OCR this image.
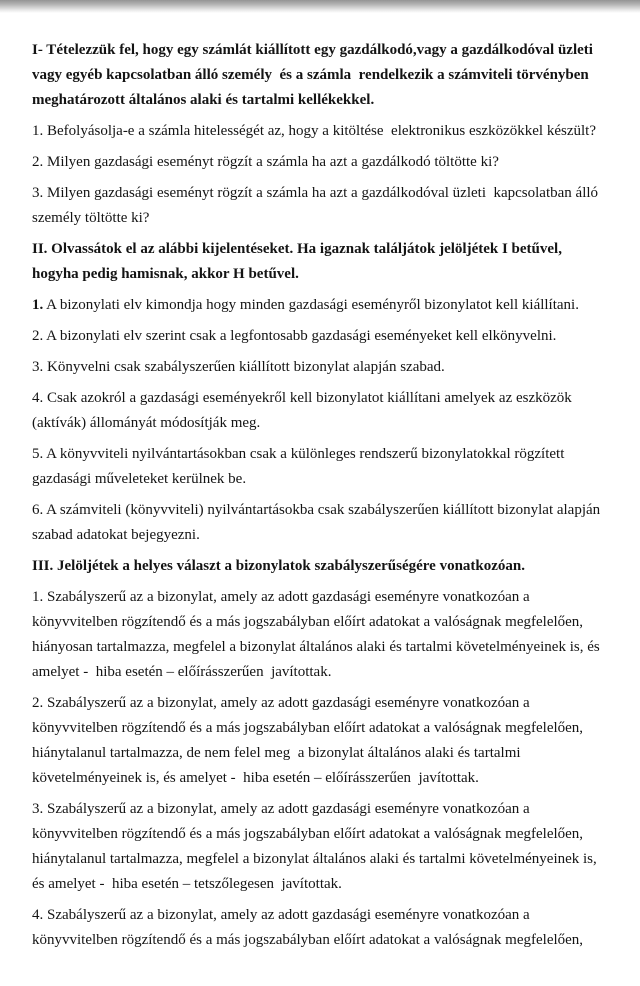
I- Tételezzük fel, hogy egy számlát kiállított egy gazdálkodó,vagy a gazdálkodóval üzleti vagy egyéb kapcsolatban álló személy  és a számla  rendelkezik a számviteli törvényben meghatározott általános alaki és tartalmi kellékekkel.

1. Befolyásolja-e a számla hitelességét az, hogy a kitöltése  elektronikus eszközökkel készült?

2. Milyen gazdasági eseményt rögzít a számla ha azt a gazdálkodó töltötte ki?

3. Milyen gazdasági eseményt rögzít a számla ha azt a gazdálkodóval üzleti  kapcsolatban álló személy töltötte ki?

II. Olvassátok el az alábbi kijelentéseket. Ha igaznak találjátok jelöljétek I betűvel, hogyha pedig hamisnak, akkor H betűvel.

1. A bizonylati elv kimondja hogy minden gazdasági eseményről bizonylatot kell kiállítani.

2. A bizonylati elv szerint csak a legfontosabb gazdasági eseményeket kell elkönyvelni.

3. Könyvelni csak szabályszerűen kiállított bizonylat alapján szabad.

4. Csak azokról a gazdasági eseményekről kell bizonylatot kiállítani amelyek az eszközök (aktívák) állományát módosítják meg.

5. A könyvviteli nyilvántartásokban csak a különleges rendszerű bizonylatokkal rögzített gazdasági műveleteket kerülnek be.

6. A számviteli (könyvviteli) nyilvántartásokba csak szabályszerűen kiállított bizonylat alapján szabad adatokat bejegyezni.

III. Jelöljétek a helyes választ a bizonylatok szabályszerűségére vonatkozóan.

1. Szabályszerű az a bizonylat, amely az adott gazdasági eseményre vonatkozóan a könyvvitelben rögzítendő és a más jogszabályban előírt adatokat a valóságnak megfelelően, hiányosan tartalmazza, megfelel a bizonylat általános alaki és tartalmi követelményeinek is, és amelyet -  hiba esetén – előírásszerűen  javítottak.

2. Szabályszerű az a bizonylat, amely az adott gazdasági eseményre vonatkozóan a könyvvitelben rögzítendő és a más jogszabályban előírt adatokat a valóságnak megfelelően, hiánytalanul tartalmazza, de nem felel meg  a bizonylat általános alaki és tartalmi követelményeinek is, és amelyet -  hiba esetén – előírásszerűen  javítottak.

3. Szabályszerű az a bizonylat, amely az adott gazdasági eseményre vonatkozóan a könyvvitelben rögzítendő és a más jogszabályban előírt adatokat a valóságnak megfelelően, hiánytalanul tartalmazza, megfelel a bizonylat általános alaki és tartalmi követelményeinek is, és amelyet -  hiba esetén – tetszőlegesen  javítottak.

4. Szabályszerű az a bizonylat, amely az adott gazdasági eseményre vonatkozóan a könyvvitelben rögzítendő és a más jogszabályban előírt adatokat a valóságnak megfelelően,
